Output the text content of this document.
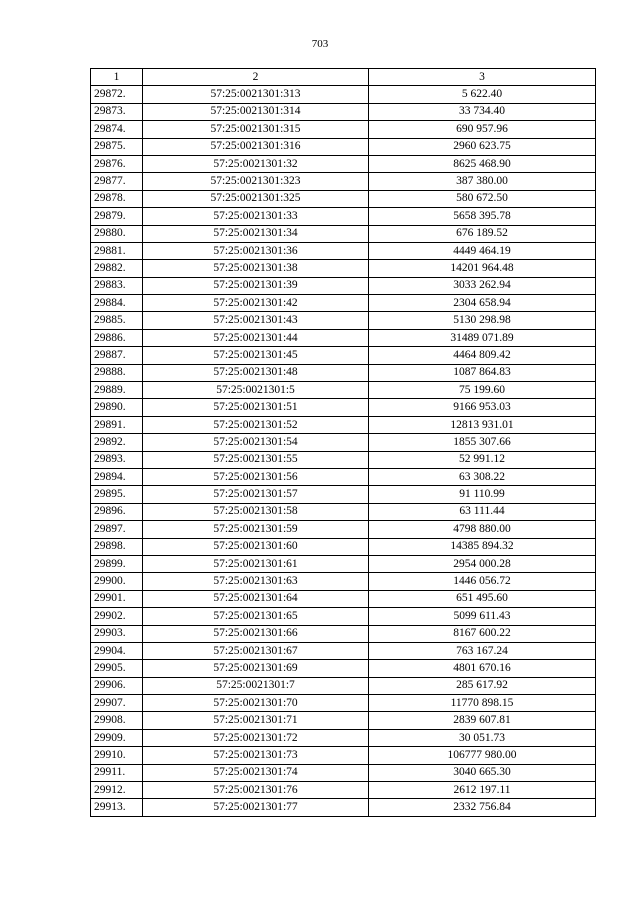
703
1	2	3
29872.	57:25:0021301:313	5 622.40
29873.	57:25:0021301:314	33 734.40
29874.	57:25:0021301:315	690 957.96
29875.	57:25:0021301:316	2960 623.75
29876.	57:25:0021301:32	8625 468.90
29877.	57:25:0021301:323	387 380.00
29878.	57:25:0021301:325	580 672.50
29879.	57:25:0021301:33	5658 395.78
29880.	57:25:0021301:34	676 189.52
29881.	57:25:0021301:36	4449 464.19
29882.	57:25:0021301:38	14201 964.48
29883.	57:25:0021301:39	3033 262.94
29884.	57:25:0021301:42	2304 658.94
29885.	57:25:0021301:43	5130 298.98
29886.	57:25:0021301:44	31489 071.89
29887.	57:25:0021301:45	4464 809.42
29888.	57:25:0021301:48	1087 864.83
29889.	57:25:0021301:5	75 199.60
29890.	57:25:0021301:51	9166 953.03
29891.	57:25:0021301:52	12813 931.01
29892.	57:25:0021301:54	1855 307.66
29893.	57:25:0021301:55	52 991.12
29894.	57:25:0021301:56	63 308.22
29895.	57:25:0021301:57	91 110.99
29896.	57:25:0021301:58	63 111.44
29897.	57:25:0021301:59	4798 880.00
29898.	57:25:0021301:60	14385 894.32
29899.	57:25:0021301:61	2954 000.28
29900.	57:25:0021301:63	1446 056.72
29901.	57:25:0021301:64	651 495.60
29902.	57:25:0021301:65	5099 611.43
29903.	57:25:0021301:66	8167 600.22
29904.	57:25:0021301:67	763 167.24
29905.	57:25:0021301:69	4801 670.16
29906.	57:25:0021301:7	285 617.92
29907.	57:25:0021301:70	11770 898.15
29908.	57:25:0021301:71	2839 607.81
29909.	57:25:0021301:72	30 051.73
29910.	57:25:0021301:73	106777 980.00
29911.	57:25:0021301:74	3040 665.30
29912.	57:25:0021301:76	2612 197.11
29913.	57:25:0021301:77	2332 756.84
